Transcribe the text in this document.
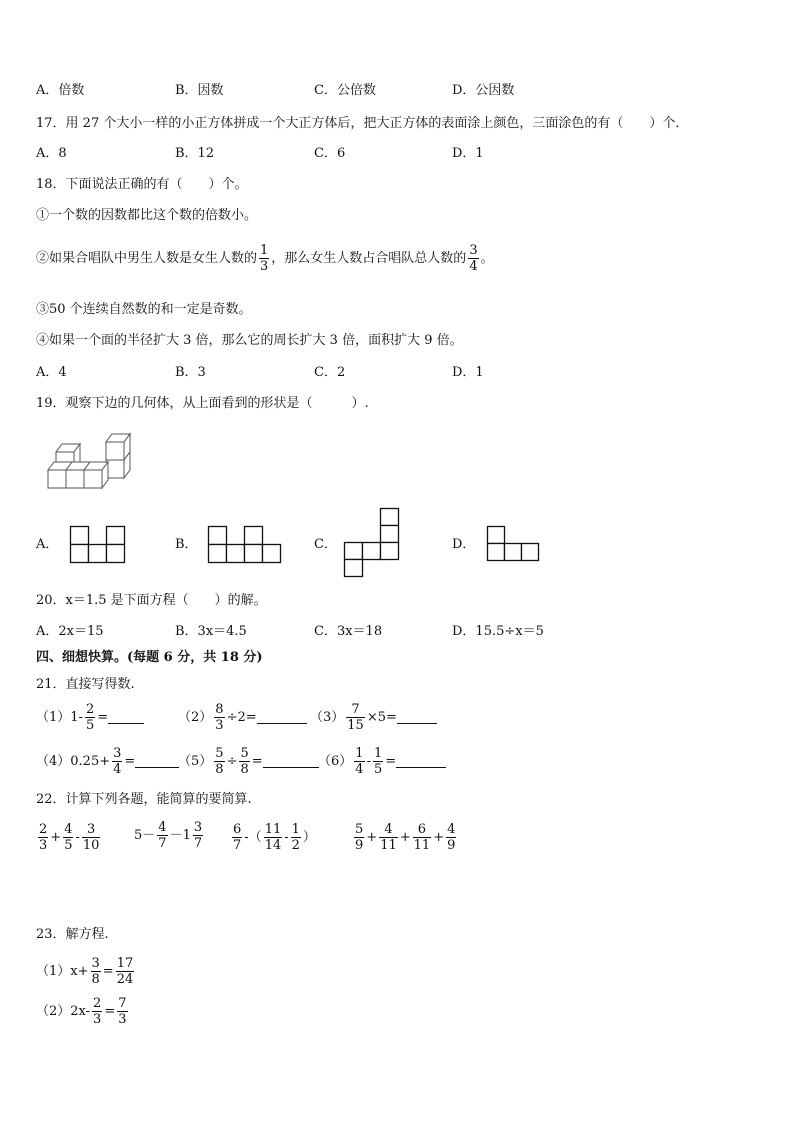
A．倍数	B．因数	C．公倍数	D．公因数
17．用 27 个大小一样的小正方体拼成一个大正方体后，把大正方体的表面涂上颜色，三面涂色的有（　　）个．
A．8	B．12	C．6	D．1
18．下面说法正确的有（　　）个。
①一个数的因数都比这个数的倍数小。
②如果合唱队中男生人数是女生人数的 $\frac{1}{3}$ ，那么女生人数占合唱队总人数的 $\frac{3}{4}$ 。
③50 个连续自然数的和一定是奇数。
④如果一个面的半径扩大 3 倍，那么它的周长扩大 3 倍，面积扩大 9 倍。
A．4	B．3	C．2	D．1
19．观察下边的几何体，从上面看到的形状是（　　　）.
A．	B．	C．	D．
20．x＝1.5 是下面方程（　　）的解。
A．2x＝15	B．3x＝4.5	C．3x＝18	D．15.5÷x＝5
四、细想快算。(每题 6 分，共 18 分)
21．直接写得数.
$(1)1- \frac{2}{5}$ =	$(2) \frac{8}{3} \div 2=$	$(3) \frac{7}{15} \times 5=$
$(4)0.25+ \frac{3}{4}$ =	$(5) \frac{5}{8} \div \frac{5}{8}$ =	$(6) \frac{1}{4} - \frac{1}{5}$ =
22．计算下列各题，能简算的要简算.
$\frac{2}{3} + \frac{4}{5} - \frac{3}{10}$	$5- \frac{4}{7} -1 \frac{3}{7} \frac{6}{7}$ -（ $\frac{11}{14} - \frac{1}{2}$ ）	$\frac{5}{9} + \frac{4}{11} + \frac{6}{11} + \frac{4}{9}$
23．解方程.
$(1)x+ \frac{3}{8} = \frac{17}{24}$
$(2)2x- \frac{2}{3} = \frac{7}{3}$
